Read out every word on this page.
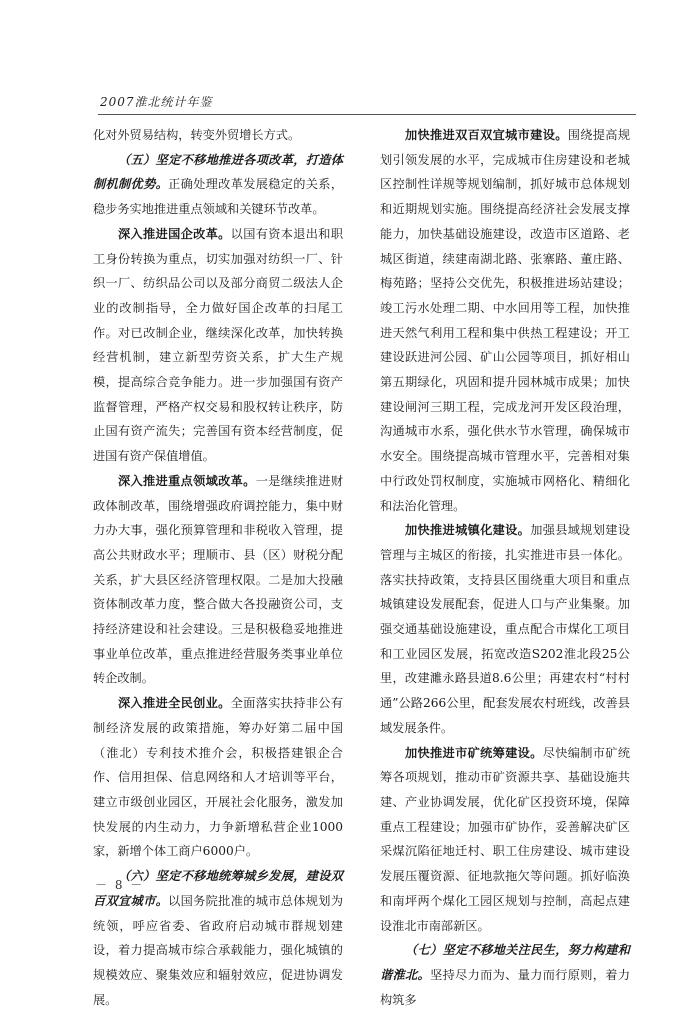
2007淮北统计年鉴

化对外贸易结构，转变外贸增长方式。

（五）坚定不移地推进各项改革，打造体制机制优势。正确处理改革发展稳定的关系，稳步务实地推进重点领域和关键环节改革。

深入推进国企改革。以国有资本退出和职工身份转换为重点，切实加强对纺织一厂、针织一厂、纺织品公司以及部分商贸二级法人企业的改制指导，全力做好国企改革的扫尾工作。对已改制企业，继续深化改革，加快转换经营机制，建立新型劳资关系，扩大生产规模，提高综合竞争能力。进一步加强国有资产监督管理，严格产权交易和股权转让秩序，防止国有资产流失；完善国有资本经营制度，促进国有资产保值增值。

深入推进重点领域改革。一是继续推进财政体制改革，围绕增强政府调控能力，集中财力办大事，强化预算管理和非税收入管理，提高公共财政水平；理顺市、县（区）财税分配关系，扩大县区经济管理权限。二是加大投融资体制改革力度，整合做大各投融资公司，支持经济建设和社会建设。三是积极稳妥地推进事业单位改革，重点推进经营服务类事业单位转企改制。

深入推进全民创业。全面落实扶持非公有制经济发展的政策措施，筹办好第二届中国（淮北）专利技术推介会，积极搭建银企合作、信用担保、信息网络和人才培训等平台，建立市级创业园区，开展社会化服务，激发加快发展的内生动力，力争新增私营企业1000家，新增个体工商户6000户。

（六）坚定不移地统筹城乡发展，建设双百双宜城市。以国务院批准的城市总体规划为统领，呼应省委、省政府启动城市群规划建设，着力提高城市综合承载能力，强化城镇的规模效应、聚集效应和辐射效应，促进协调发展。

加快推进双百双宜城市建设。围绕提高规划引领发展的水平，完成城市住房建设和老城区控制性详规等规划编制，抓好城市总体规划和近期规划实施。围绕提高经济社会发展支撑能力，加快基础设施建设，改造市区道路、老城区街道，续建南湖北路、张寨路、董庄路、梅苑路；坚持公交优先，积极推进场站建设；竣工污水处理二期、中水回用等工程，加快推进天然气利用工程和集中供热工程建设；开工建设跃进河公园、矿山公园等项目，抓好相山第五期绿化，巩固和提升园林城市成果；加快建设闸河三期工程，完成龙河开发区段治理，沟通城市水系，强化供水节水管理，确保城市水安全。围绕提高城市管理水平，完善相对集中行政处罚权制度，实施城市网格化、精细化和法治化管理。

加快推进城镇化建设。加强县域规划建设管理与主城区的衔接，扎实推进市县一体化。落实扶持政策，支持县区围绕重大项目和重点城镇建设发展配套，促进人口与产业集聚。加强交通基础设施建设，重点配合市煤化工项目和工业园区发展，拓宽改造S202淮北段25公里，改建濉永路县道8.6公里；再建农村“村村通”公路266公里，配套发展农村班线，改善县域发展条件。

加快推进市矿统筹建设。尽快编制市矿统筹各项规划，推动市矿资源共享、基础设施共建、产业协调发展，优化矿区投资环境，保障重点工程建设；加强市矿协作，妥善解决矿区采煤沉陷征地迁村、职工住房建设、城市建设发展压覆资源、征地款拖欠等问题。抓好临涣和南坪两个煤化工园区规划与控制，高起点建设淮北市南部新区。

（七）坚定不移地关注民生，努力构建和谐淮北。坚持尽力而为、量力而行原则，着力构筑多

－ 8 －
